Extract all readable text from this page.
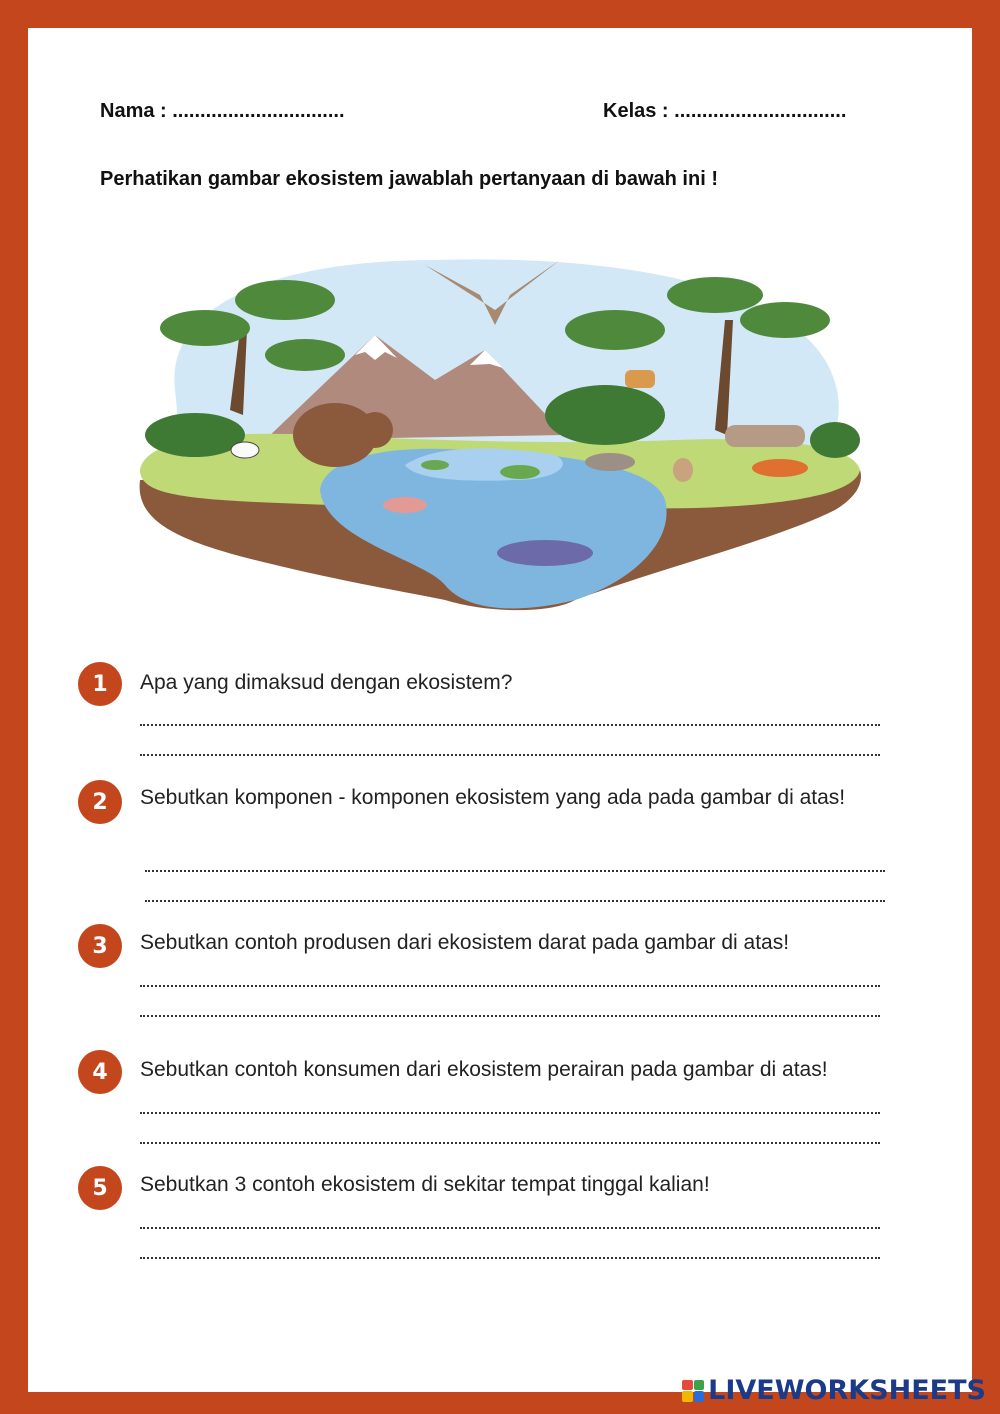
Nama : ...............................	Kelas : ...............................
Perhatikan gambar ekosistem jawablah pertanyaan di bawah ini !
1	Apa yang dimaksud dengan ekosistem?
2	Sebutkan komponen - komponen ekosistem yang ada pada gambar di atas!
3	Sebutkan contoh produsen dari ekosistem darat pada gambar di atas!
4	Sebutkan contoh konsumen dari ekosistem perairan pada gambar di atas!
5	Sebutkan 3 contoh ekosistem di sekitar tempat tinggal kalian!
LIVEWORKSHEETS
